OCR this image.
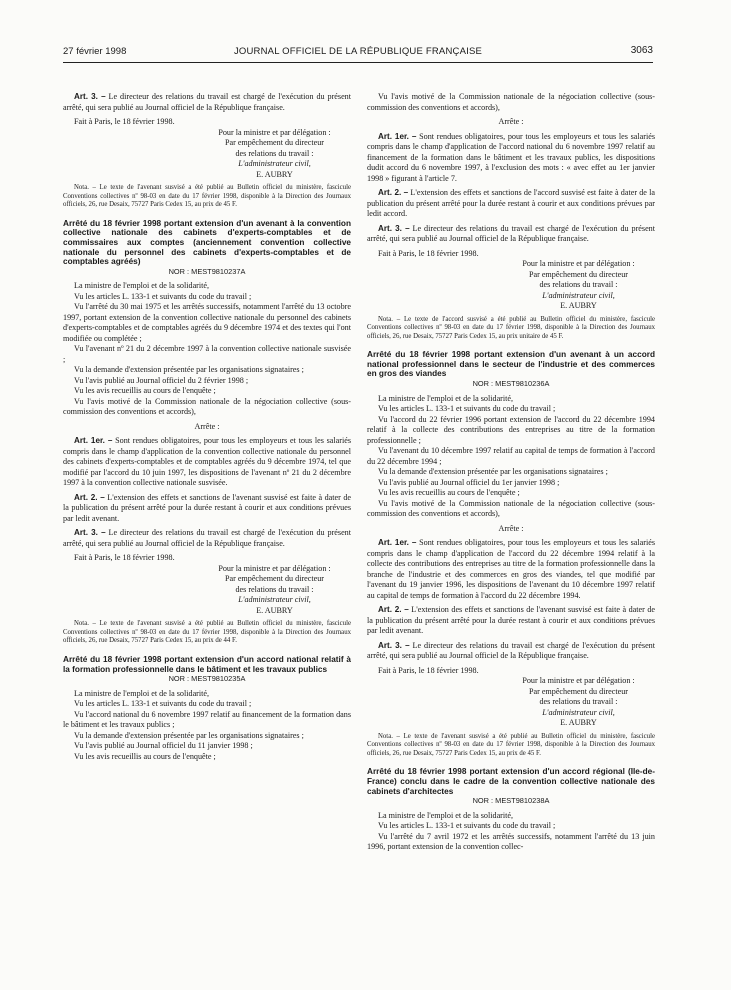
27 février 1998	JOURNAL OFFICIEL DE LA RÉPUBLIQUE FRANÇAISE	3063

Art. 3. – Le directeur des relations du travail est chargé de l'exécution du présent arrêté, qui sera publié au Journal officiel de la République française.

Fait à Paris, le 18 février 1998.

Pour la ministre et par délégation :

Par empêchement du directeur

des relations du travail :

L'administrateur civil,

E. AUBRY

Nota. – Le texte de l'avenant susvisé a été publié au Bulletin officiel du ministère, fascicule Conventions collectives nº 98-03 en date du 17 février 1998, disponible à la Direction des Journaux officiels, 26, rue Desaix, 75727 Paris Cedex 15, au prix de 45 F.

Arrêté du 18 février 1998 portant extension d'un avenant à la convention collective nationale des cabinets d'experts-comptables et de commissaires aux comptes (anciennement convention collective nationale du personnel des cabinets d'experts-comptables et de comptables agréés)

NOR : MESТ9810237A

La ministre de l'emploi et de la solidarité,

Vu les articles L. 133-1 et suivants du code du travail ;

Vu l'arrêté du 30 mai 1975 et les arrêtés successifs, notamment l'arrêté du 13 octobre 1997, portant extension de la convention collective nationale du personnel des cabinets d'experts-comptables et de comptables agréés du 9 décembre 1974 et des textes qui l'ont modifiée ou complétée ;

Vu l'avenant nº 21 du 2 décembre 1997 à la convention collective nationale susvisée ;

Vu la demande d'extension présentée par les organisations signataires ;

Vu l'avis publié au Journal officiel du 2 février 1998 ;

Vu les avis recueillis au cours de l'enquête ;

Vu l'avis motivé de la Commission nationale de la négociation collective (sous-commission des conventions et accords),

Arrête :

Art. 1er. – Sont rendues obligatoires, pour tous les employeurs et tous les salariés compris dans le champ d'application de la convention collective nationale du personnel des cabinets d'experts-comptables et de comptables agréés du 9 décembre 1974, tel que modifié par l'accord du 10 juin 1997, les dispositions de l'avenant nº 21 du 2 décembre 1997 à la convention collective nationale susvisée.

Art. 2. – L'extension des effets et sanctions de l'avenant susvisé est faite à dater de la publication du présent arrêté pour la durée restant à courir et aux conditions prévues par ledit avenant.

Art. 3. – Le directeur des relations du travail est chargé de l'exécution du présent arrêté, qui sera publié au Journal officiel de la République française.

Fait à Paris, le 18 février 1998.

Pour la ministre et par délégation :

Par empêchement du directeur

des relations du travail :

L'administrateur civil,

E. AUBRY

Nota. – Le texte de l'avenant susvisé a été publié au Bulletin officiel du ministère, fascicule Conventions collectives nº 98-03 en date du 17 février 1998, disponible à la Direction des Journaux officiels, 26, rue Desaix, 75727 Paris Cedex 15, au prix de 44 F.

Arrêté du 18 février 1998 portant extension d'un accord national relatif à la formation professionnelle dans le bâtiment et les travaux publics

NOR : MEST9810235A

La ministre de l'emploi et de la solidarité,

Vu les articles L. 133-1 et suivants du code du travail ;

Vu l'accord national du 6 novembre 1997 relatif au financement de la formation dans le bâtiment et les travaux publics ;

Vu la demande d'extension présentée par les organisations signataires ;

Vu l'avis publié au Journal officiel du 11 janvier 1998 ;

Vu les avis recueillis au cours de l'enquête ;

Vu l'avis motivé de la Commission nationale de la négociation collective (sous-commission des conventions et accords),

Arrête :

Art. 1er. – Sont rendues obligatoires, pour tous les employeurs et tous les salariés compris dans le champ d'application de l'accord national du 6 novembre 1997 relatif au financement de la formation dans le bâtiment et les travaux publics, les dispositions dudit accord du 6 novembre 1997, à l'exclusion des mots : « avec effet au 1er janvier 1998 » figurant à l'article 7.

Art. 2. – L'extension des effets et sanctions de l'accord susvisé est faite à dater de la publication du présent arrêté pour la durée restant à courir et aux conditions prévues par ledit accord.

Art. 3. – Le directeur des relations du travail est chargé de l'exécution du présent arrêté, qui sera publié au Journal officiel de la République française.

Fait à Paris, le 18 février 1998.

Pour la ministre et par délégation :

Par empêchement du directeur

des relations du travail :

L'administrateur civil,

E. AUBRY

Nota. – Le texte de l'accord susvisé a été publié au Bulletin officiel du ministère, fascicule Conventions collectives nº 98-03 en date du 17 février 1998, disponible à la Direction des Journaux officiels, 26, rue Desaix, 75727 Paris Cedex 15, au prix unitaire de 45 F.

Arrêté du 18 février 1998 portant extension d'un avenant à un accord national professionnel dans le secteur de l'industrie et des commerces en gros des viandes

NOR : MEST9810236A

La ministre de l'emploi et de la solidarité,

Vu les articles L. 133-1 et suivants du code du travail ;

Vu l'accord du 22 février 1996 portant extension de l'accord du 22 décembre 1994 relatif à la collecte des contributions des entreprises au titre de la formation professionnelle ;

Vu l'avenant du 10 décembre 1997 relatif au capital de temps de formation à l'accord du 22 décembre 1994 ;

Vu la demande d'extension présentée par les organisations signataires ;

Vu l'avis publié au Journal officiel du 1er janvier 1998 ;

Vu les avis recueillis au cours de l'enquête ;

Vu l'avis motivé de la Commission nationale de la négociation collective (sous-commission des conventions et accords),

Arrête :

Art. 1er. – Sont rendues obligatoires, pour tous les employeurs et tous les salariés compris dans le champ d'application de l'accord du 22 décembre 1994 relatif à la collecte des contributions des entreprises au titre de la formation professionnelle dans la branche de l'industrie et des commerces en gros des viandes, tel que modifié par l'avenant du 19 janvier 1996, les dispositions de l'avenant du 10 décembre 1997 relatif au capital de temps de formation à l'accord du 22 décembre 1994.

Art. 2. – L'extension des effets et sanctions de l'avenant susvisé est faite à dater de la publication du présent arrêté pour la durée restant à courir et aux conditions prévues par ledit avenant.

Art. 3. – Le directeur des relations du travail est chargé de l'exécution du présent arrêté, qui sera publié au Journal officiel de la République française.

Fait à Paris, le 18 février 1998.

Pour la ministre et par délégation :

Par empêchement du directeur

des relations du travail :

L'administrateur civil,

E. AUBRY

Nota. – Le texte de l'avenant susvisé a été publié au Bulletin officiel du ministère, fascicule Conventions collectives nº 98-03 en date du 17 février 1998, disponible à la Direction des Journaux officiels, 26, rue Desaix, 75727 Paris Cedex 15, au prix de 45 F.

Arrêté du 18 février 1998 portant extension d'un accord régional (Ile-de-France) conclu dans le cadre de la convention collective nationale des cabinets d'architectes

NOR : MEST9810238A

La ministre de l'emploi et de la solidarité,

Vu les articles L. 133-1 et suivants du code du travail ;

Vu l'arrêté du 7 avril 1972 et les arrêtés successifs, notamment l'arrêté du 13 juin 1996, portant extension de la convention collec-
